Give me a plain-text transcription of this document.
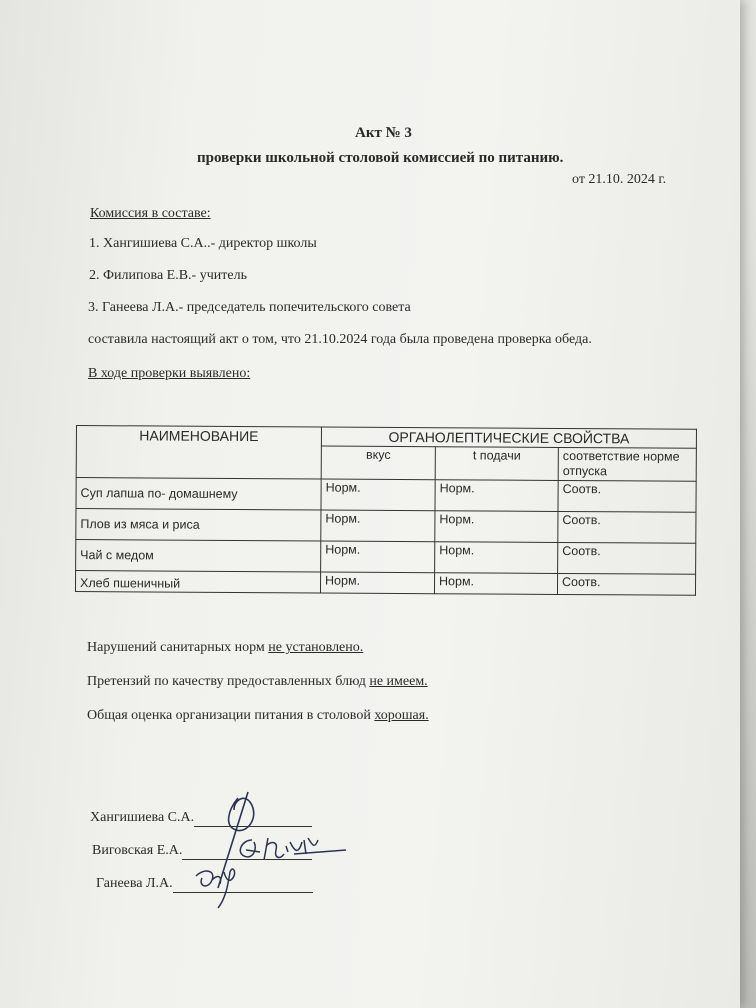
Акт № 3
проверки школьной столовой комиссией по питанию.
от 21.10. 2024 г.
Комиссия в составе:
1. Хангишиева С.А..- директор школы
2. Филипова Е.В.- учитель
3. Ганеева Л.А.- председатель попечительского совета
составила настоящий акт о том, что 21.10.2024 года была проведена проверка обеда.
В ходе проверки выявлено:
НАИМЕНОВАНИЕ	ОРГАНОЛЕПТИЧЕСКИЕ СВОЙСТВА		
	вкус	t подачи	соответствие норме отпуска
Суп лапша по- домашнему	Норм.	Норм.	Соотв.
Плов из мяса и риса	Норм.	Норм.	Соотв.
Чай с медом	Норм.	Норм.	Соотв.
Хлеб пшеничный	Норм.	Норм.	Соотв.
Нарушений санитарных норм не установлено.
Претензий по качеству предоставленных блюд не имеем.
Общая оценка организации питания в столовой хорошая.
Хангишиева С.А.
Виговская Е.А.
Ганеева Л.А.
